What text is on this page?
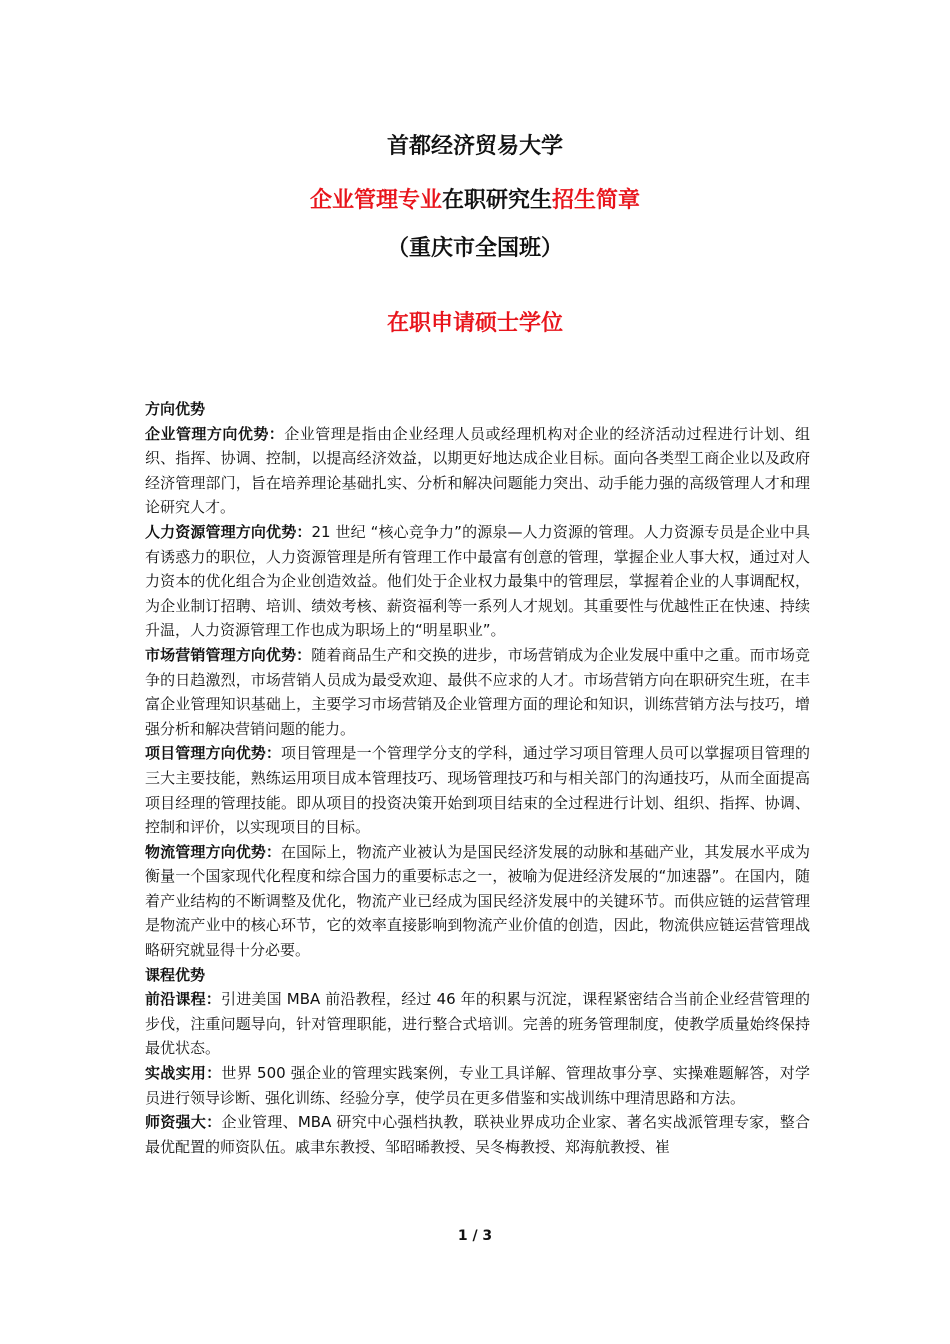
首都经济贸易大学
企业管理专业在职研究生招生简章
（重庆市全国班）
在职申请硕士学位

方向优势

企业管理方向优势：企业管理是指由企业经理人员或经理机构对企业的经济活动过程进行计划、组织、指挥、协调、控制，以提高经济效益，以期更好地达成企业目标。面向各类型工商企业以及政府经济管理部门，旨在培养理论基础扎实、分析和解决问题能力突出、动手能力强的高级管理人才和理论研究人才。

人力资源管理方向优势：21 世纪 “核心竞争力”的源泉—人力资源的管理。人力资源专员是企业中具有诱惑力的职位，人力资源管理是所有管理工作中最富有创意的管理，掌握企业人事大权，通过对人力资本的优化组合为企业创造效益。他们处于企业权力最集中的管理层，掌握着企业的人事调配权，为企业制订招聘、培训、绩效考核、薪资福利等一系列人才规划。其重要性与优越性正在快速、持续升温，人力资源管理工作也成为职场上的“明星职业”。

市场营销管理方向优势：随着商品生产和交换的进步，市场营销成为企业发展中重中之重。而市场竞争的日趋激烈，市场营销人员成为最受欢迎、最供不应求的人才。市场营销方向在职研究生班，在丰富企业管理知识基础上，主要学习市场营销及企业管理方面的理论和知识，训练营销方法与技巧，增强分析和解决营销问题的能力。

项目管理方向优势：项目管理是一个管理学分支的学科，通过学习项目管理人员可以掌握项目管理的三大主要技能，熟练运用项目成本管理技巧、现场管理技巧和与相关部门的沟通技巧，从而全面提高项目经理的管理技能。即从项目的投资决策开始到项目结束的全过程进行计划、组织、指挥、协调、控制和评价，以实现项目的目标。

物流管理方向优势：在国际上，物流产业被认为是国民经济发展的动脉和基础产业，其发展水平成为衡量一个国家现代化程度和综合国力的重要标志之一，被喻为促进经济发展的“加速器”。在国内，随着产业结构的不断调整及优化，物流产业已经成为国民经济发展中的关键环节。而供应链的运营管理是物流产业中的核心环节，它的效率直接影响到物流产业价值的创造，因此，物流供应链运营管理战略研究就显得十分必要。

课程优势

前沿课程：引进美国 MBA 前沿教程，经过 46 年的积累与沉淀，课程紧密结合当前企业经营管理的步伐，注重问题导向，针对管理职能，进行整合式培训。完善的班务管理制度，使教学质量始终保持最优状态。

实战实用：世界 500 强企业的管理实践案例，专业工具详解、管理故事分享、实操难题解答，对学员进行领导诊断、强化训练、经验分享，使学员在更多借鉴和实战训练中理清思路和方法。

师资强大：企业管理、MBA 研究中心强档执教，联袂业界成功企业家、著名实战派管理专家，整合最优配置的师资队伍。戚聿东教授、邹昭晞教授、吴冬梅教授、郑海航教授、崔

1 / 3
